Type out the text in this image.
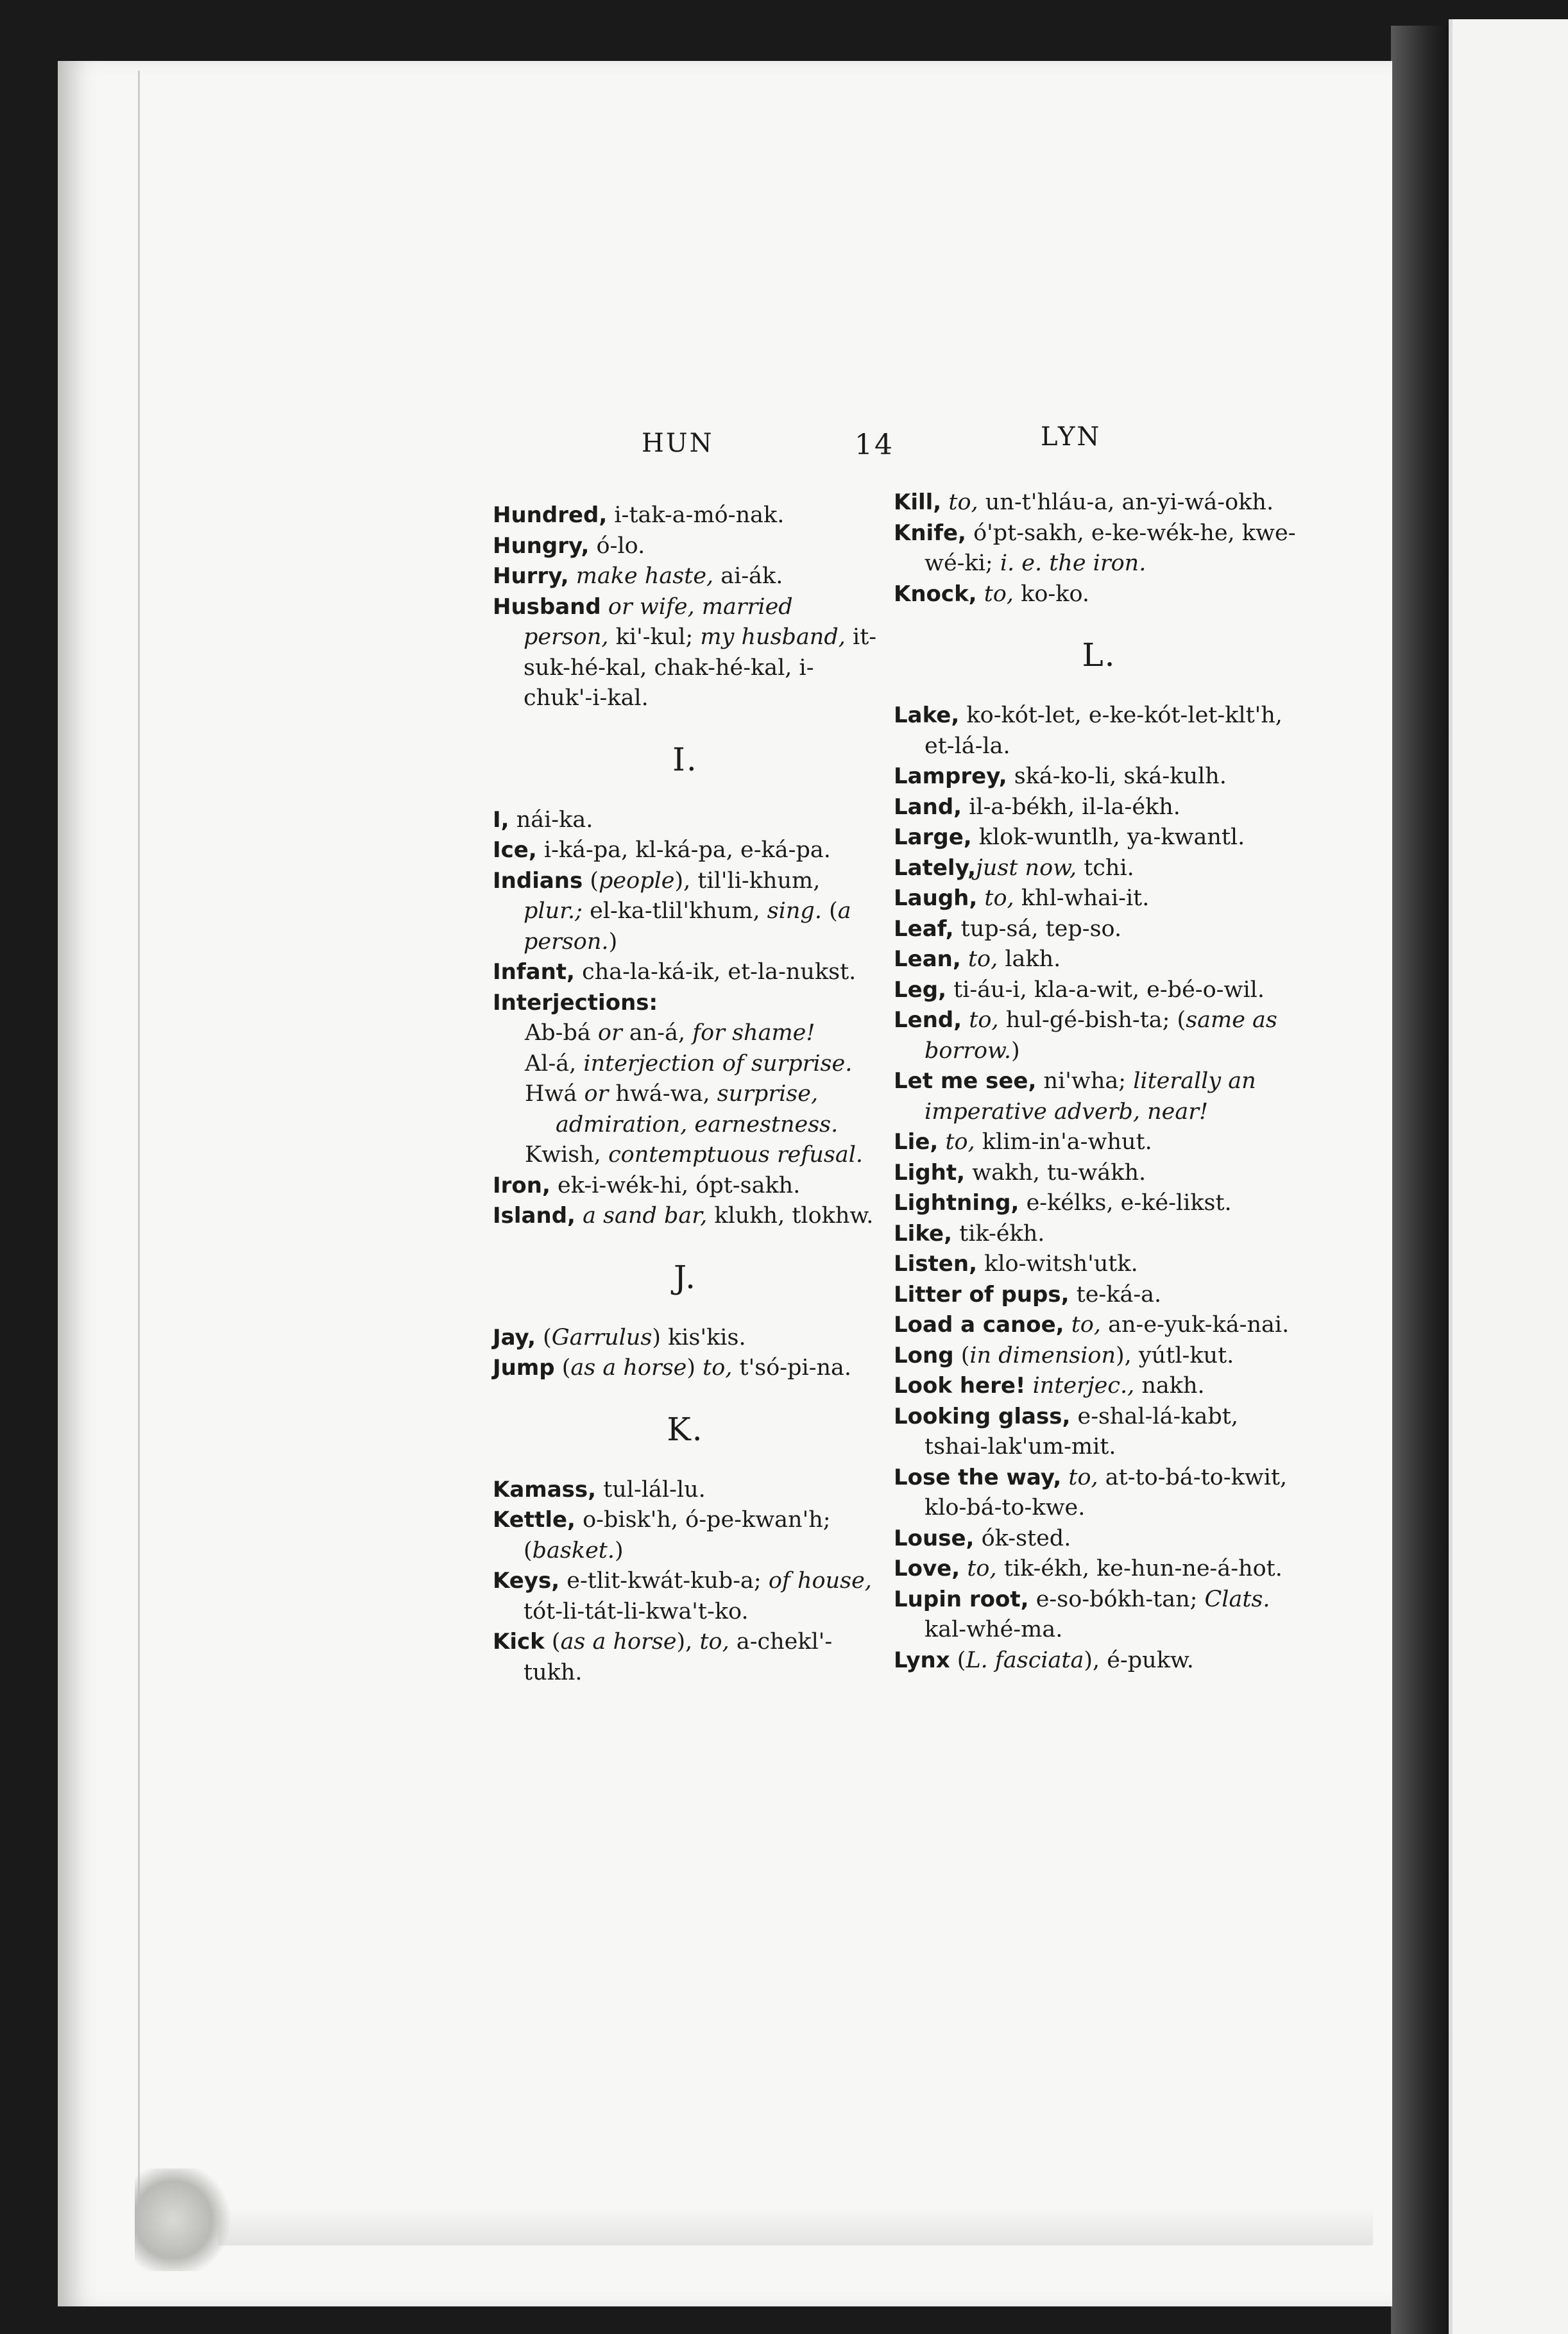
HUN	14	LYN
Hundred, i-tak-a-mó-nak.
Hungry, ó-lo.
Hurry, make haste, ai-ák.
Husband or wife, married person, ki'-kul; my husband, it-suk-hé-kal, chak-hé-kal, i-chuk'-i-kal.
I.
I, nái-ka.
Ice, i-ká-pa, kl-ká-pa, e-ká-pa.
Indians (people), til'li-khum, plur.; el-ka-tlil'khum, sing. (a person.)
Infant, cha-la-ká-ik, et-la-nukst.
Interjections:
Ab-bá or an-á, for shame!
Al-á, interjection of surprise.
Hwá or hwá-wa, surprise, admiration, earnestness.
Kwish, contemptuous refusal.
Iron, ek-i-wék-hi, ópt-sakh.
Island, a sand bar, klukh, tlokhw.
J.
Jay, (Garrulus) kis'kis.
Jump (as a horse) to, t'só-pi-na.
K.
Kamass, tul-lál-lu.
Kettle, o-bisk'h, ó-pe-kwan'h; (basket.)
Keys, e-tlit-kwát-kub-a; of house, tót-li-tát-li-kwa't-ko.
Kick (as a horse), to, a-chekl'-tukh.
Kill, to, un-t'hláu-a, an-yi-wá-okh.
Knife, ó'pt-sakh, e-ke-wék-he, kwe-wé-ki; i. e. the iron.
Knock, to, ko-ko.
L.
Lake, ko-kót-let, e-ke-kót-let-klt'h, et-lá-la.
Lamprey, ská-ko-li, ská-kulh.
Land, il-a-békh, il-la-ékh.
Large, klok-wuntlh, ya-kwantl.
Lately,just now, tchi.
Laugh, to, khl-whai-it.
Leaf, tup-sá, tep-so.
Lean, to, lakh.
Leg, ti-áu-i, kla-a-wit, e-bé-o-wil.
Lend, to, hul-gé-bish-ta; (same as borrow.)
Let me see, ni'wha; literally an imperative adverb, near!
Lie, to, klim-in'a-whut.
Light, wakh, tu-wákh.
Lightning, e-kélks, e-ké-likst.
Like, tik-ékh.
Listen, klo-witsh'utk.
Litter of pups, te-ká-a.
Load a canoe, to, an-e-yuk-ká-nai.
Long (in dimension), yútl-kut.
Look here! interjec., nakh.
Looking glass, e-shal-lá-kabt, tshai-lak'um-mit.
Lose the way, to, at-to-bá-to-kwit, klo-bá-to-kwe.
Louse, ók-sted.
Love, to, tik-ékh, ke-hun-ne-á-hot.
Lupin root, e-so-bókh-tan; Clats. kal-whé-ma.
Lynx (L. fasciata), é-pukw.
